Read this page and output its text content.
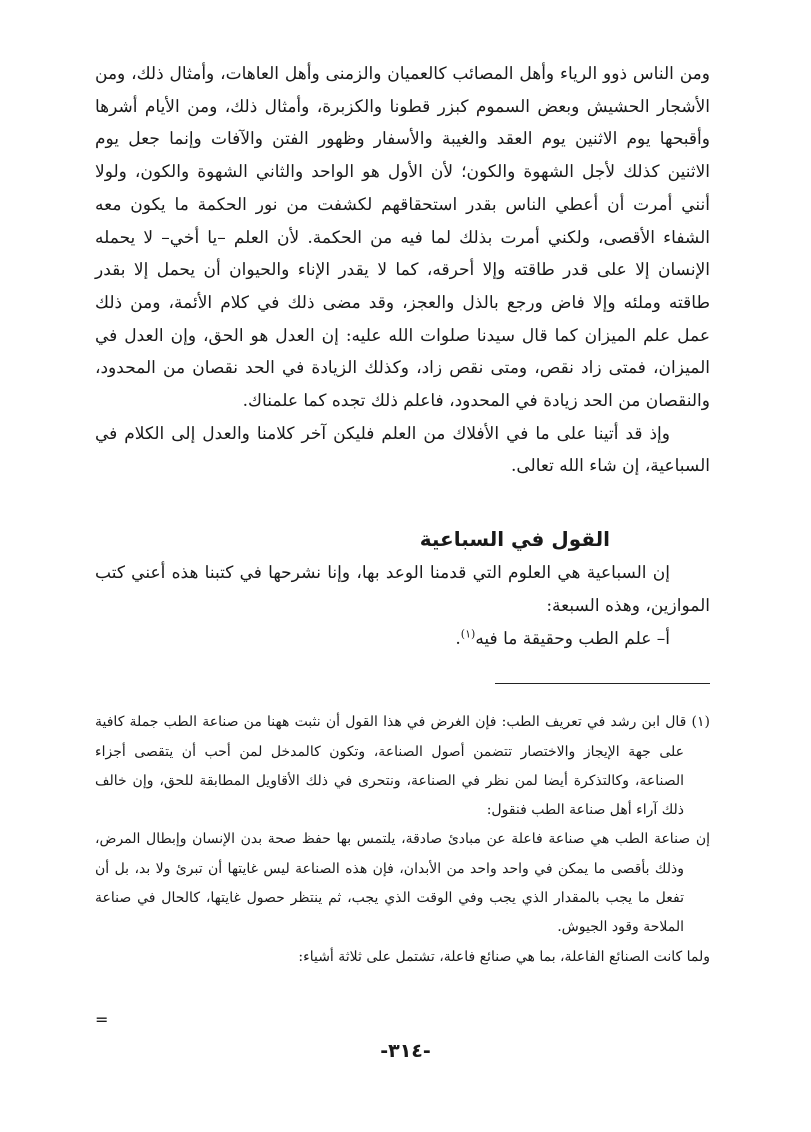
ومن الناس ذوو الرياء وأهل المصائب كالعميان والزمنى وأهل العاهات، وأمثال ذلك، ومن الأشجار الحشيش وبعض السموم كبزر قطونا والكزبرة، وأمثال ذلك، ومن الأيام أشرها وأقبحها يوم الاثنين يوم العقد والغيبة والأسفار وظهور الفتن والآفات وإنما جعل يوم الاثنين كذلك لأجل الشهوة والكون؛ لأن الأول هو الواحد والثاني الشهوة والكون، ولولا أنني أمرت أن أعطي الناس بقدر استحقاقهم لكشفت من نور الحكمة ما يكون معه الشفاء الأقصى، ولكني أمرت بذلك لما فيه من الحكمة. لأن العلم –يا أخي– لا يحمله الإنسان إلا على قدر طاقته وإلا أحرقه، كما لا يقدر الإناء والحيوان أن يحمل إلا بقدر طاقته وملئه وإلا فاض ورجع بالذل والعجز، وقد مضى ذلك في كلام الأئمة، ومن ذلك عمل علم الميزان كما قال سيدنا صلوات الله عليه: إن العدل هو الحق، وإن العدل في الميزان، فمتى زاد نقص، ومتى نقص زاد، وكذلك الزيادة في الحد نقصان من المحدود، والنقصان من الحد زيادة في المحدود، فاعلم ذلك تجده كما علمناك.

وإذ قد أتينا على ما في الأفلاك من العلم فليكن آخر كلامنا والعدل إلى الكلام في السباعية، إن شاء الله تعالى.

القول في السباعية

إن السباعية هي العلوم التي قدمنا الوعد بها، وإنا نشرحها في كتبنا هذه أعني كتب الموازين، وهذه السبعة:

أ– علم الطب وحقيقة ما فيه$^{(١)}$.

(١) قال ابن رشد في تعريف الطب: فإن الغرض في هذا القول أن نثبت ههنا من صناعة الطب جملة كافية على جهة الإيجاز والاختصار تتضمن أصول الصناعة، وتكون كالمدخل لمن أحب أن يتقصى أجزاء الصناعة، وكالتذكرة أيضا لمن نظر في الصناعة، ونتحرى في ذلك الأقاويل المطابقة للحق، وإن خالف ذلك آراء أهل صناعة الطب فنقول:

إن صناعة الطب هي صناعة فاعلة عن مبادئ صادقة، يلتمس بها حفظ صحة بدن الإنسان وإبطال المرض، وذلك بأقصى ما يمكن في واحد واحد من الأبدان، فإن هذه الصناعة ليس غايتها أن تبرئ ولا بد، بل أن تفعل ما يجب بالمقدار الذي يجب وفي الوقت الذي يجب، ثم ينتظر حصول غايتها، كالحال في صناعة الملاحة وقود الجيوش.

ولما كانت الصنائع الفاعلة، بما هي صنائع فاعلة، تشتمل على ثلاثة أشياء:

=
-٣١٤-
